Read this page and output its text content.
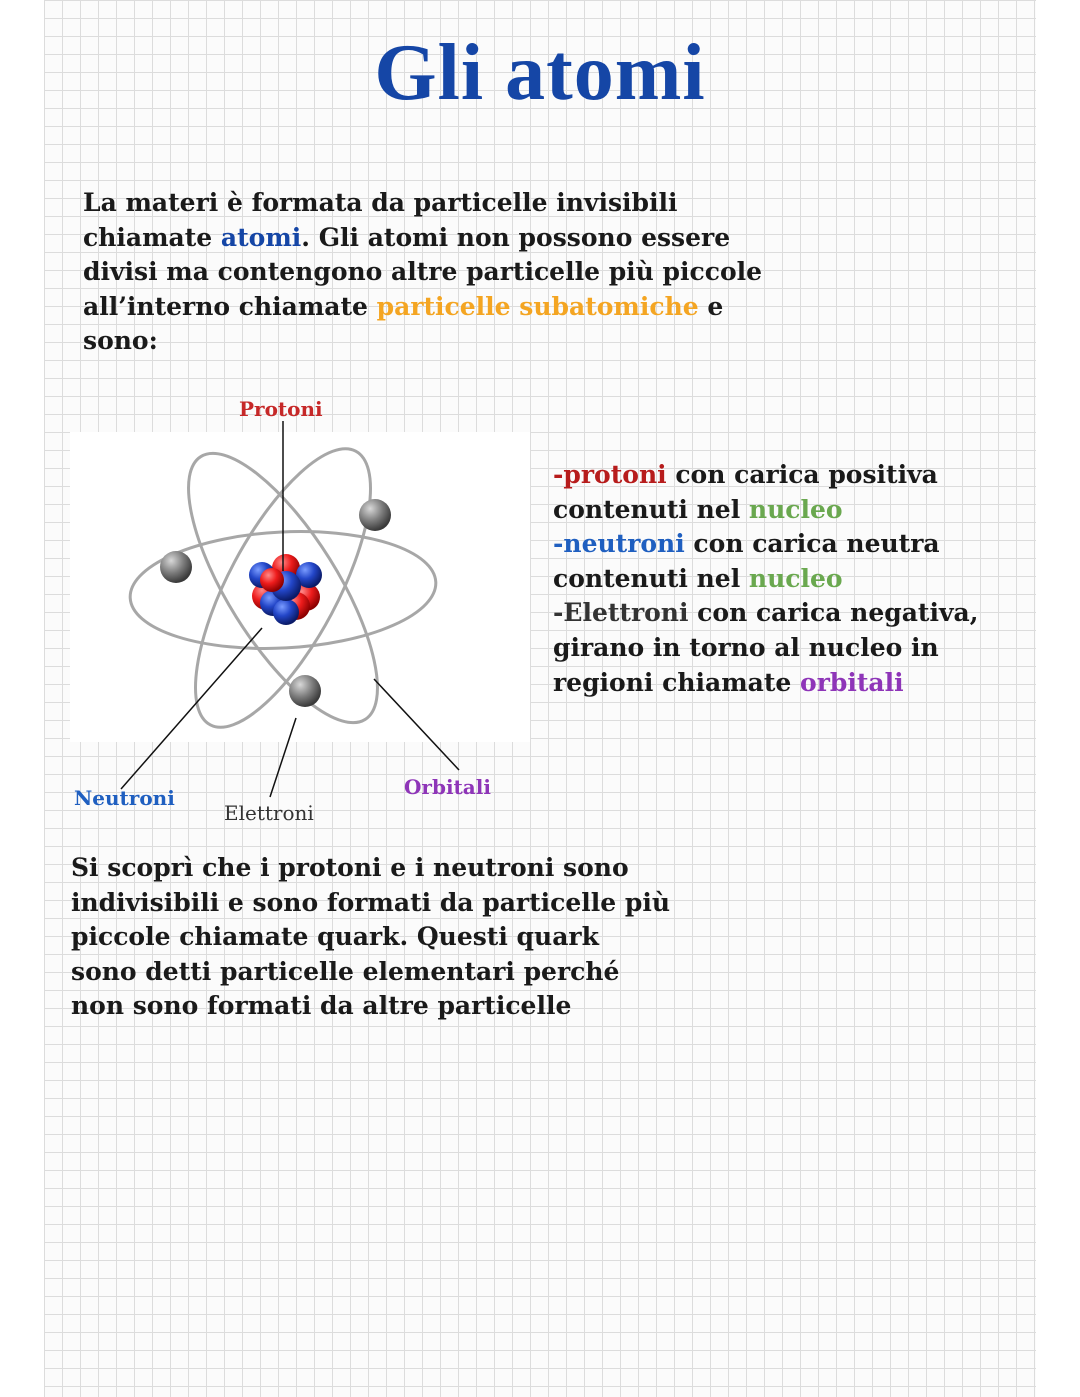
Gli atomi

La materi è formata da particelle invisibili chiamate atomi. Gli atomi non possono essere divisi ma contengono altre particelle più piccole all’interno chiamate particelle subatomiche e sono:

Protoni

Neutroni

Elettroni

Orbitali

-protoni con carica positiva contenuti nel nucleo
-neutroni con carica neutra contenuti nel nucleo
-Elettroni con carica negativa, girano in torno al nucleo in regioni chiamate orbitali

Si scoprì che i protoni e i neutroni sono indivisibili e sono formati da particelle più piccole chiamate quark. Questi quark sono detti particelle elementari perché non sono formati da altre particelle
